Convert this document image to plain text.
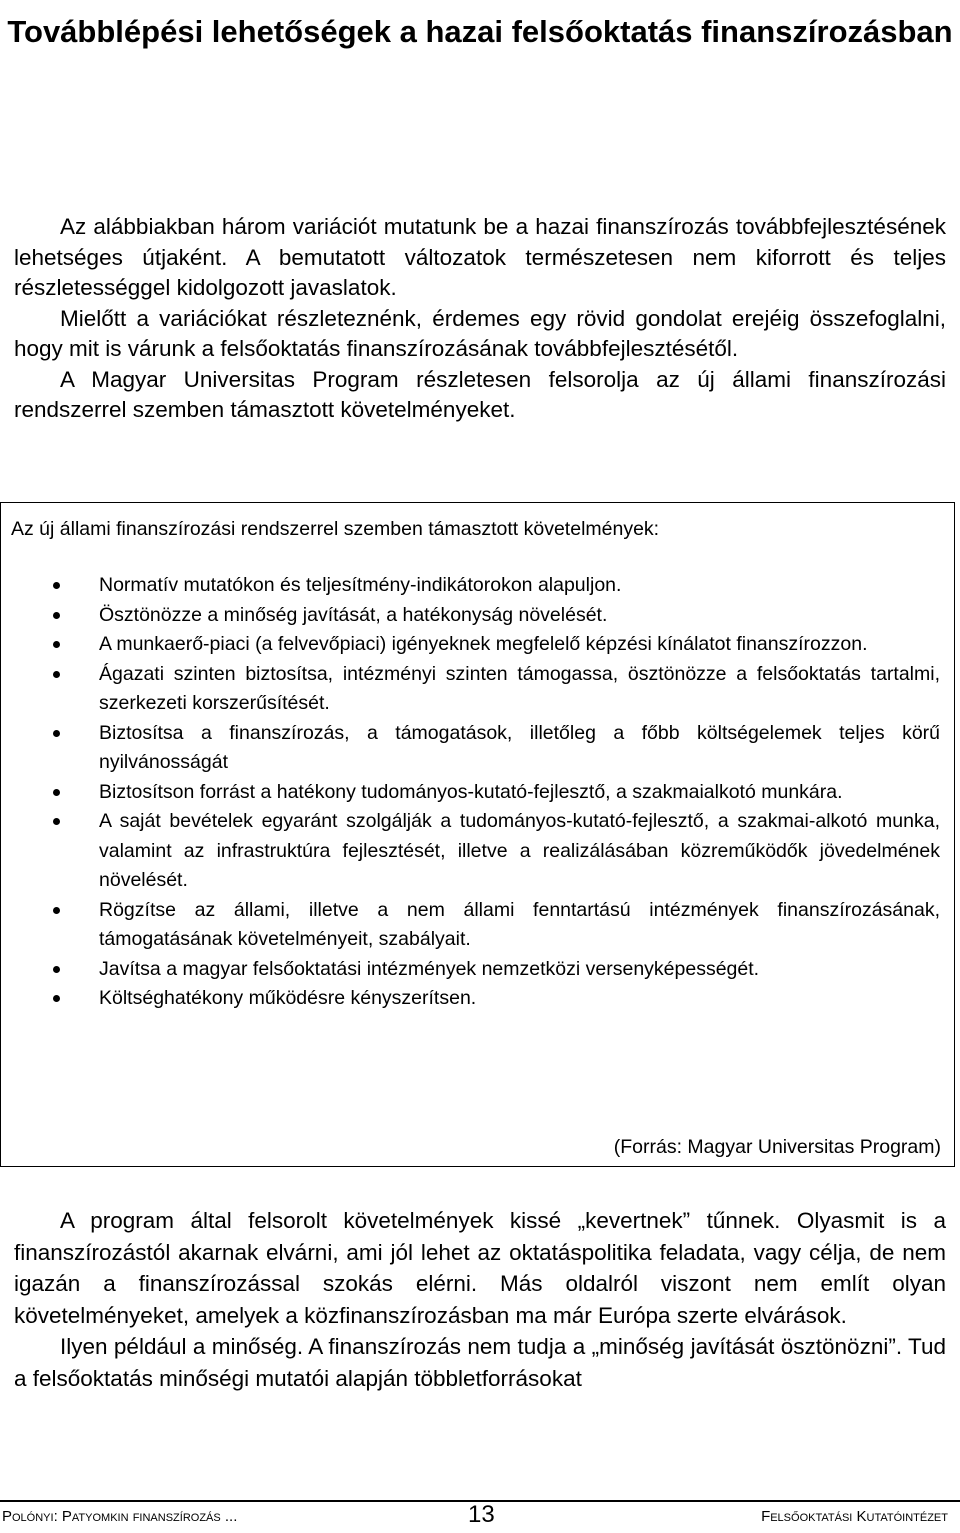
Továbblépési lehetőségek a hazai felsőoktatás finanszírozásban

Az alábbiakban három variációt mutatunk be a hazai finanszírozás továbbfejlesztésének lehetséges útjaként. A bemutatott változatok természetesen nem kiforrott és teljes részletességgel kidolgozott javaslatok.

Mielőtt a variációkat részleteznénk, érdemes egy rövid gondolat erejéig összefoglalni, hogy mit is várunk a felsőoktatás finanszírozásának továbbfejlesztésétől.

A Magyar Universitas Program részletesen felsorolja az új állami finanszírozási rendszerrel szemben támasztott követelményeket.

Az új állami finanszírozási rendszerrel szemben támasztott követelmények:
Normatív mutatókon és teljesítmény-indikátorokon alapuljon.
Ösztönözze a minőség javítását, a hatékonyság növelését.
A munkaerő-piaci (a felvevőpiaci) igényeknek megfelelő képzési kínálatot finanszírozzon.
Ágazati szinten biztosítsa, intézményi szinten támogassa, ösztönözze a felsőoktatás tartalmi, szerkezeti korszerűsítését.
Biztosítsa a finanszírozás, a támogatások, illetőleg a főbb költségelemek teljes körű nyilvánosságát
Biztosítson forrást a hatékony tudományos-kutató-fejlesztő, a szakmaialkotó munkára.
A saját bevételek egyaránt szolgálják a tudományos-kutató-fejlesztő, a szakmai-alkotó munka, valamint az infrastruktúra fejlesztését, illetve a realizálásában közreműködők jövedelmének növelését.
Rögzítse az állami, illetve a nem állami fenntartású intézmények finanszírozásának, támogatásának követelményeit, szabályait.
Javítsa a magyar felsőoktatási intézmények nemzetközi versenyképességét.
Költséghatékony működésre kényszerítsen.
(Forrás: Magyar Universitas Program)

A program által felsorolt követelmények kissé „kevertnek” tűnnek. Olyasmit is a finanszírozástól akarnak elvárni, ami jól lehet az oktatáspolitika feladata, vagy célja, de nem igazán a finanszírozással szokás elérni. Más oldalról viszont nem említ olyan követelményeket, amelyek a közfinanszírozásban ma már Európa szerte elvárások.

Ilyen például a minőség. A finanszírozás nem tudja a „minőség javítását ösztönözni”. Tud a felsőoktatás minőségi mutatói alapján többletforrásokat

Polónyi: Patyomkin finanszírozás ...	13	Felsőoktatási Kutatóintézet
